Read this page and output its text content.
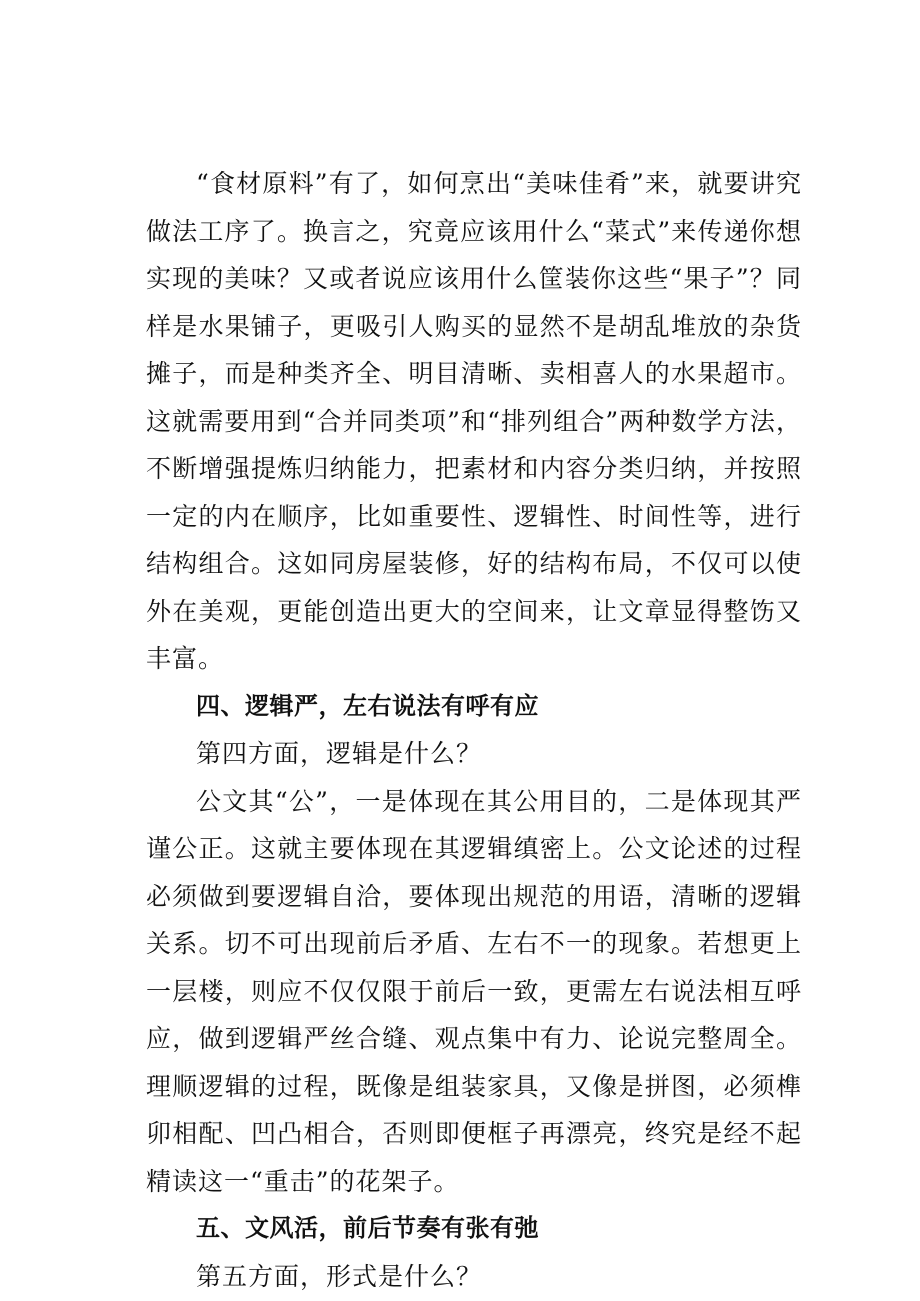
“食材原料”有了，如何烹出“美味佳肴”来，就要讲究做法工序了。换言之，究竟应该用什么“菜式”来传递你想实现的美味？又或者说应该用什么筐装你这些“果子”？同样是水果铺子，更吸引人购买的显然不是胡乱堆放的杂货摊子，而是种类齐全、明目清晰、卖相喜人的水果超市。这就需要用到“合并同类项”和“排列组合”两种数学方法，不断增强提炼归纳能力，把素材和内容分类归纳，并按照一定的内在顺序，比如重要性、逻辑性、时间性等，进行结构组合。这如同房屋装修，好的结构布局，不仅可以使外在美观，更能创造出更大的空间来，让文章显得整饬又丰富。

四、逻辑严，左右说法有呼有应

第四方面，逻辑是什么？

公文其“公”，一是体现在其公用目的，二是体现其严谨公正。这就主要体现在其逻辑缜密上。公文论述的过程必须做到要逻辑自洽，要体现出规范的用语，清晰的逻辑关系。切不可出现前后矛盾、左右不一的现象。若想更上一层楼，则应不仅仅限于前后一致，更需左右说法相互呼应，做到逻辑严丝合缝、观点集中有力、论说完整周全。理顺逻辑的过程，既像是组装家具，又像是拼图，必须榫卯相配、凹凸相合，否则即便框子再漂亮，终究是经不起精读这一“重击”的花架子。

五、文风活，前后节奏有张有弛

第五方面，形式是什么？
